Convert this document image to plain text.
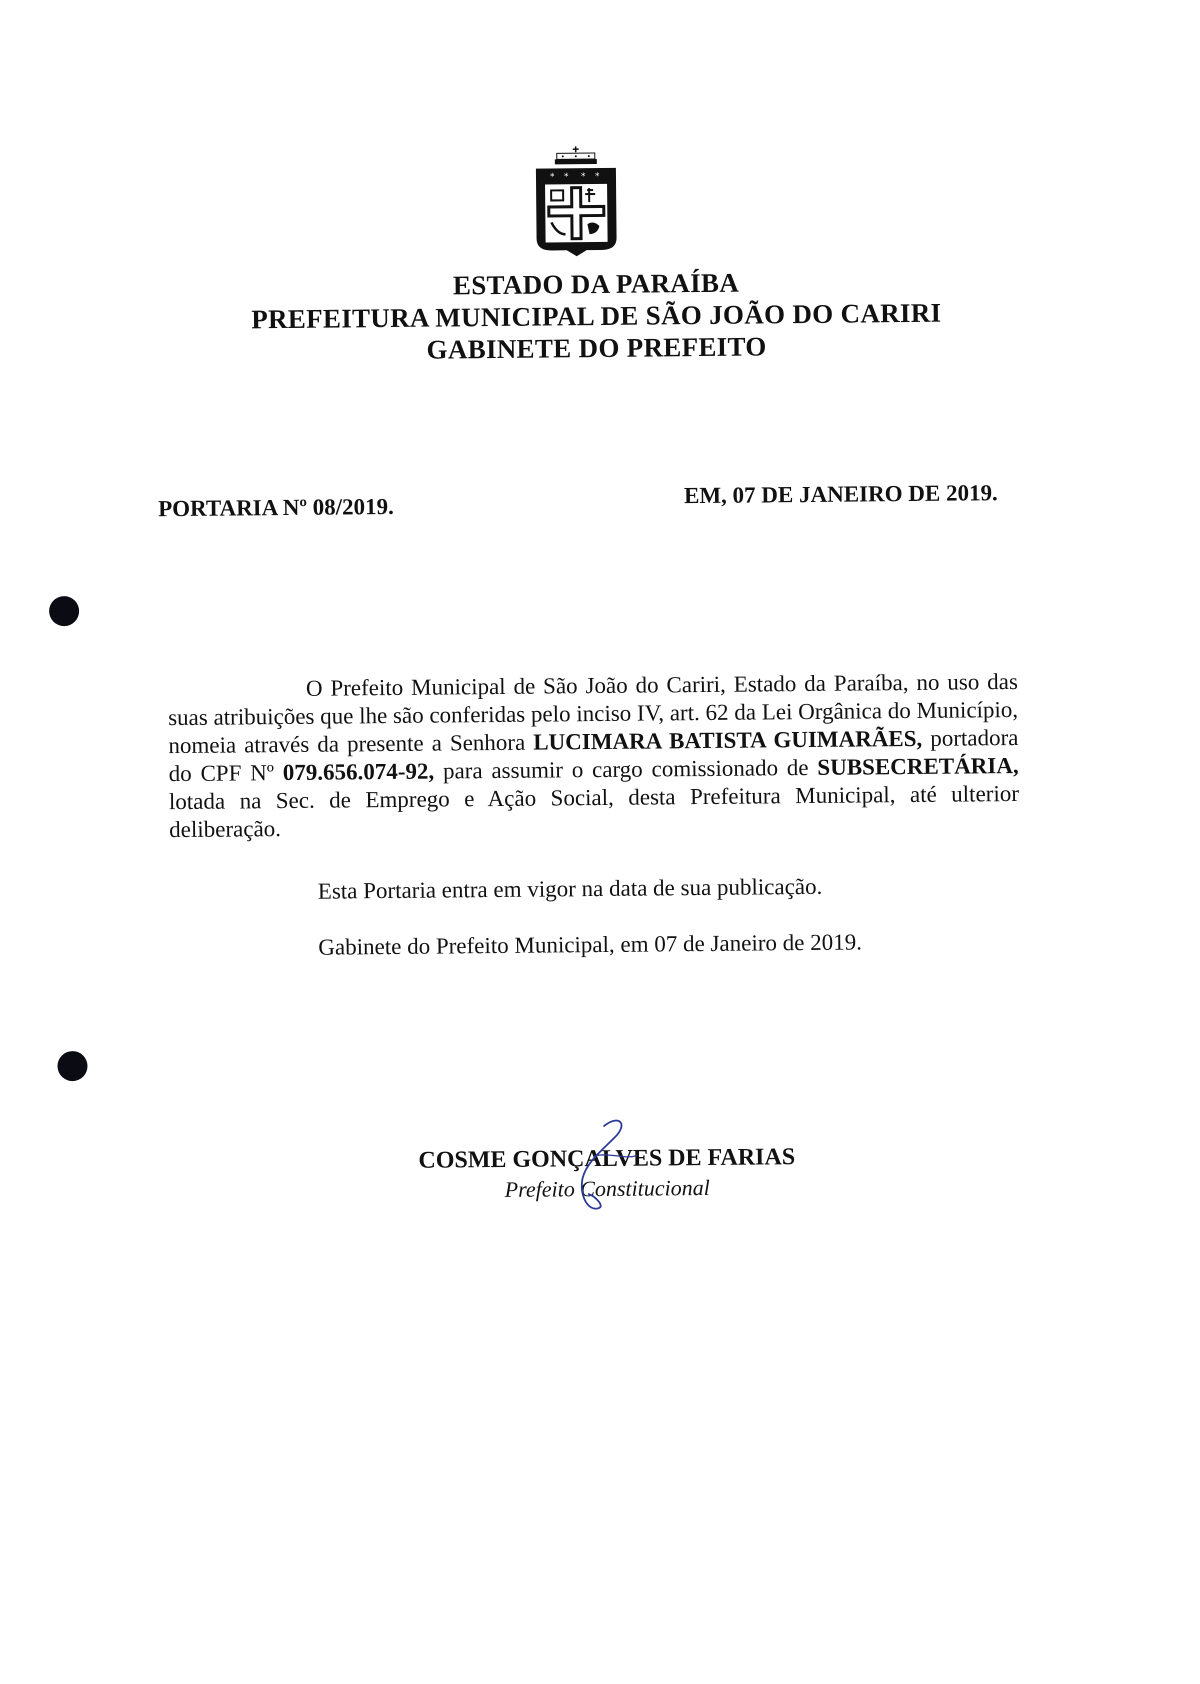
* * * *
ESTADO DA PARAÍBA
PREFEITURA MUNICIPAL DE SÃO JOÃO DO CARIRI
GABINETE DO PREFEITO
PORTARIA Nº 08/2019.	EM, 07 DE JANEIRO DE 2019.

O Prefeito Municipal de São João do Cariri, Estado da Paraíba, no uso das suas atribuições que lhe são conferidas pelo inciso IV, art. 62 da Lei Orgânica do Município, nomeia através da presente a Senhora LUCIMARA BATISTA GUIMARÃES, portadora do CPF Nº 079.656.074-92, para assumir o cargo comissionado de SUBSECRETÁRIA, lotada na Sec. de Emprego e Ação Social, desta Prefeitura Municipal, até ulterior deliberação.

Esta Portaria entra em vigor na data de sua publicação.
Gabinete do Prefeito Municipal, em 07 de Janeiro de 2019.
COSME GONÇALVES DE FARIAS
Prefeito Constitucional
